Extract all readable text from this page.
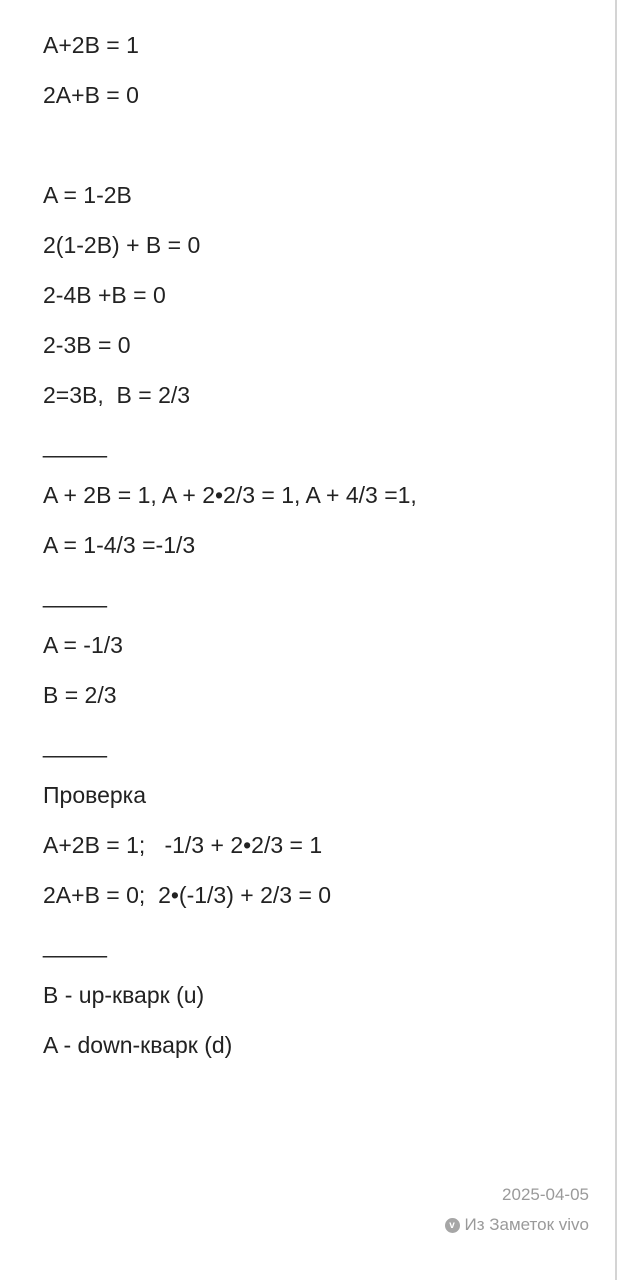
A+2B = 1
2A+B = 0
A = 1-2B
2(1-2B) + B = 0
2-4B +B = 0
2-3B = 0
2=3B,  B = 2/3
_____
A + 2B = 1, A + 2•2/3 = 1, A + 4/3 =1,
A = 1-4/3 =-1/3
_____
A = -1/3
B = 2/3
_____
Проверка
A+2B = 1;   -1/3 + 2•2/3 = 1
2A+B = 0;  2•(-1/3) + 2/3 = 0
_____
B - up-кварк (u)
A - down-кварк (d)
2025-04-05
v Из Заметок vivo
